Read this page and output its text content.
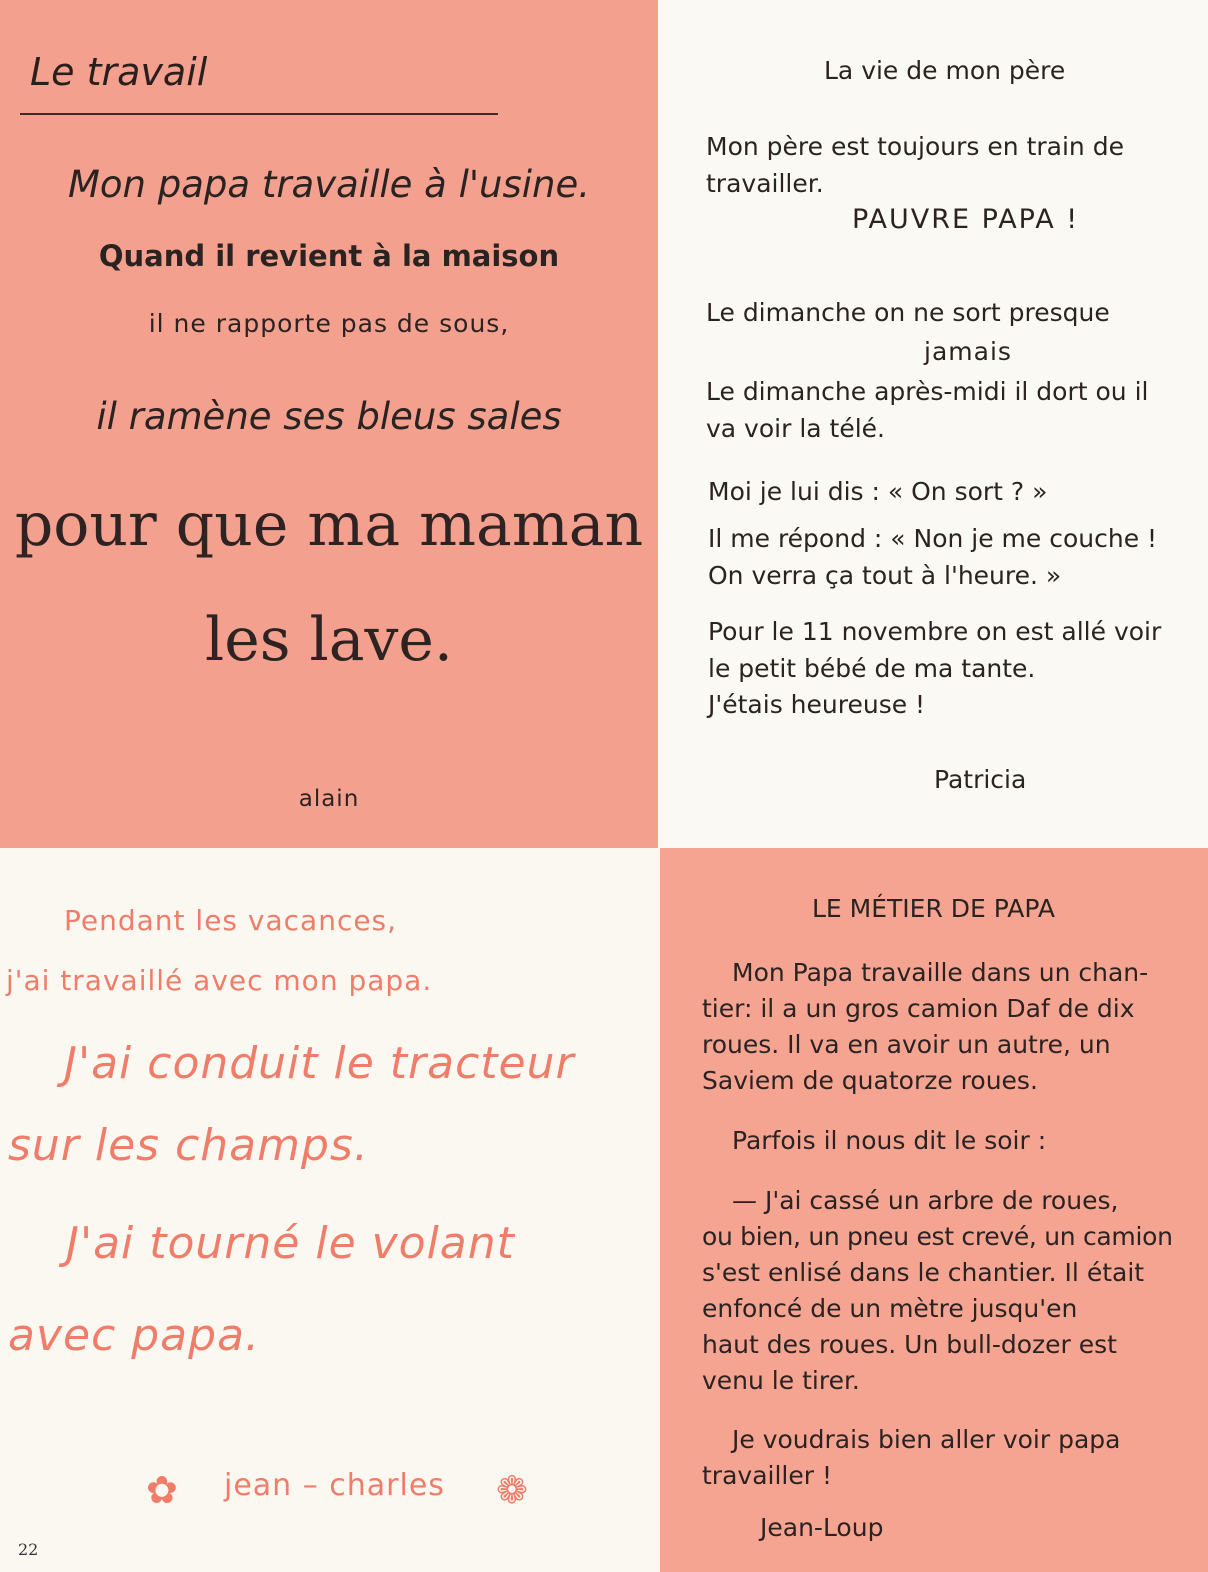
Le travail
Mon papa travaille à l'usine.
Quand il revient à la maison
il ne rapporte pas de sous,
il ramène ses bleus sales
pour que ma maman
les lave.
alain
La vie de mon père
Mon père est toujours en train de
travailler.
PAUVRE PAPA !
Le dimanche on ne sort presque
jamais
Le dimanche après-midi il dort ou il
va voir la télé.
Moi je lui dis : « On sort ? »
Il me répond : « Non je me couche !
On verra ça tout à l'heure. »
Pour le 11 novembre on est allé voir
le petit bébé de ma tante.
J'étais heureuse !
Patricia
Pendant les vacances,
j'ai travaillé avec mon papa.
J'ai conduit le tracteur
sur les champs.
J'ai tourné le volant
avec papa.
✿ jean – charles ❁
22
LE MÉTIER DE PAPA
Mon Papa travaille dans un chan-
tier: il a un gros camion Daf de dix
roues. Il va en avoir un autre, un
Saviem de quatorze roues.
Parfois il nous dit le soir :
— J'ai cassé un arbre de roues,
ou bien, un pneu est crevé, un camion
s'est enlisé dans le chantier. Il était
enfoncé de un mètre jusqu'en
haut des roues. Un bull-dozer est
venu le tirer.
Je voudrais bien aller voir papa
travailler !
Jean-Loup
